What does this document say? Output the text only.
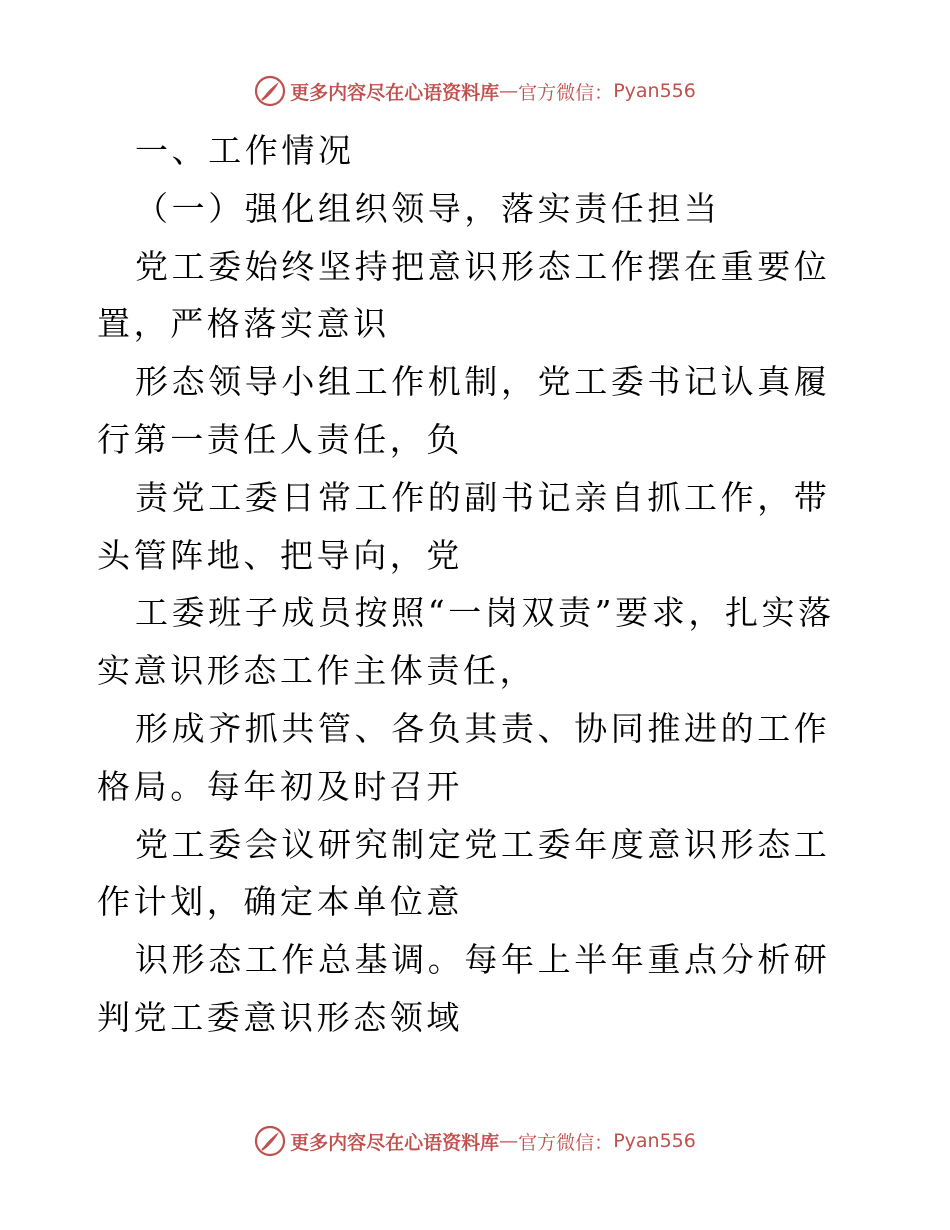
更多内容尽在心语资料库 — 官方微信： Pyan556

一、工作情况

（一）强化组织领导，落实责任担当

党工委始终坚持把意识形态工作摆在重要位置，严格落实意识

形态领导小组工作机制，党工委书记认真履行第一责任人责任，负

责党工委日常工作的副书记亲自抓工作，带头管阵地、把导向，党

工委班子成员按照“一岗双责”要求，扎实落实意识形态工作主体责任，

形成齐抓共管、各负其责、协同推进的工作格局。每年初及时召开

党工委会议研究制定党工委年度意识形态工作计划，确定本单位意

识形态工作总基调。每年上半年重点分析研判党工委意识形态领域

更多内容尽在心语资料库 — 官方微信： Pyan556
